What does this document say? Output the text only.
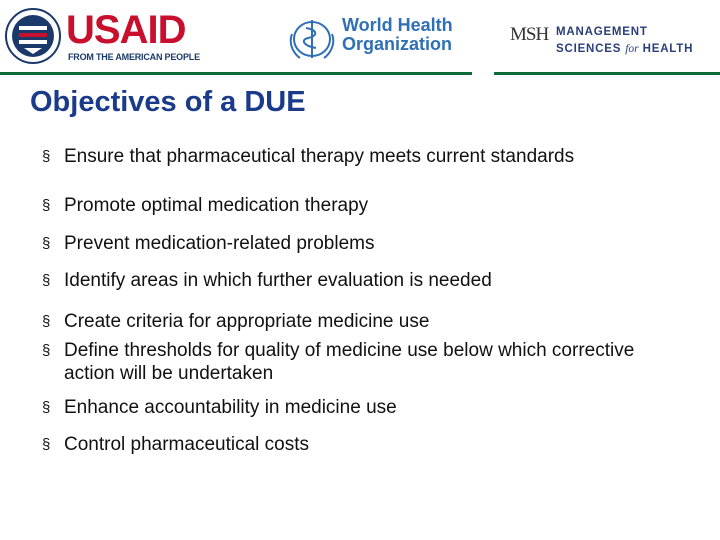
USAID
FROM THE AMERICAN PEOPLE
World Health
Organization	MSH MANAGEMENT
SCIENCES for HEALTH
Objectives of a DUE
§ Ensure that pharmaceutical therapy meets current standards
§ Promote optimal medication therapy
§ Prevent medication-related problems
§ Identify areas in which further evaluation is needed
§ Create criteria for appropriate medicine use
§ Define thresholds for quality of medicine use below which corrective action will be undertaken
§ Enhance accountability in medicine use
§ Control pharmaceutical costs
